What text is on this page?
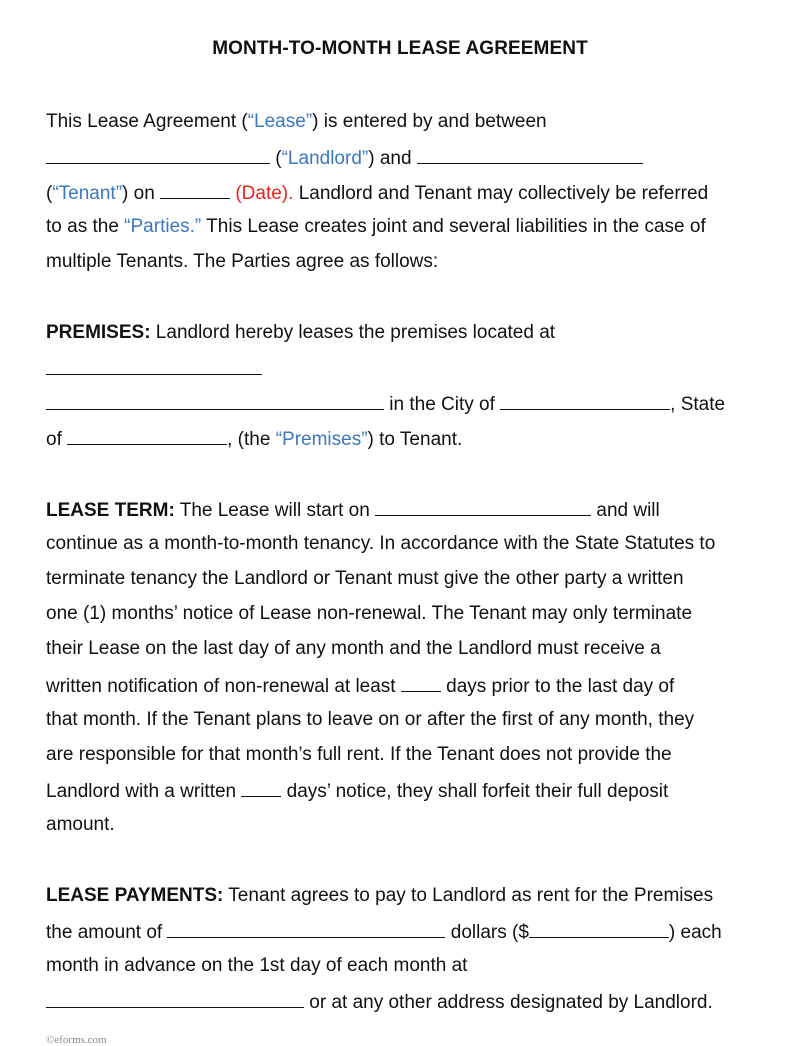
MONTH-TO-MONTH LEASE AGREEMENT
This Lease Agreement (“Lease”) is entered by and between
(“Landlord”) and
(“Tenant”) on	(Date). Landlord and Tenant may collectively be referred
to as the “Parties.” This Lease creates joint and several liabilities in the case of
multiple Tenants. The Parties agree as follows:
PREMISES: Landlord hereby leases the premises located at
in the City of	, State
of	, (the “Premises”) to Tenant.
LEASE TERM: The Lease will start on	and will
continue as a month-to-month tenancy. In accordance with the State Statutes to
terminate tenancy the Landlord or Tenant must give the other party a written
one (1) months’ notice of Lease non-renewal. The Tenant may only terminate
their Lease on the last day of any month and the Landlord must receive a
written notification of non-renewal at least  days prior to the last day of
that month. If the Tenant plans to leave on or after the first of any month, they
are responsible for that month’s full rent. If the Tenant does not provide the
Landlord with a written  days’ notice, they shall forfeit their full deposit
amount.
LEASE PAYMENTS: Tenant agrees to pay to Landlord as rent for the Premises
the amount of	dollars ($	) each
month in advance on the 1st day of each month at
or at any other address designated by Landlord.
©eforms.com
